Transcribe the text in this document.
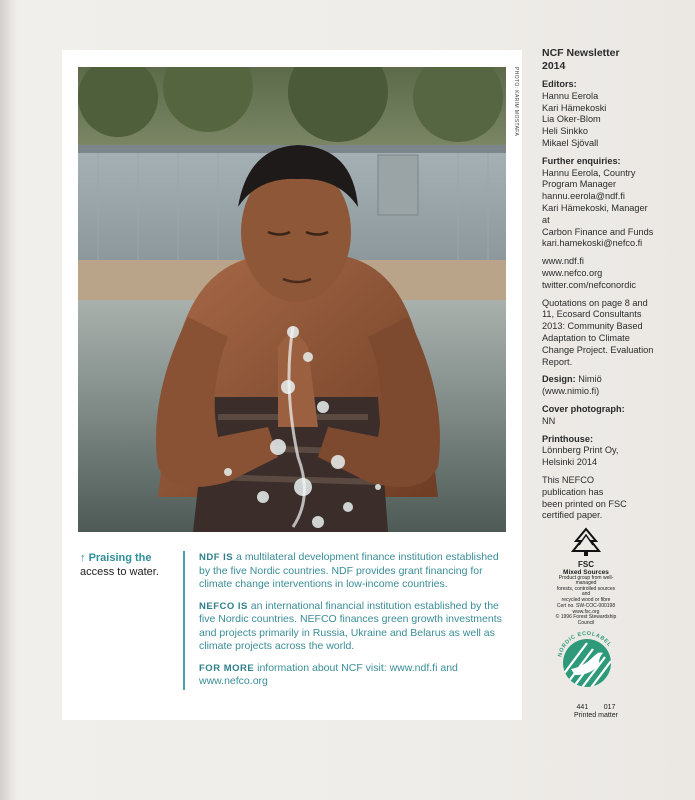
PHOTO: KARIM MOSTAFA
↑ Praising the
access to water.

NDF IS a multilateral development finance institution established by the five Nordic countries. NDF provides grant financing for climate change interventions in low-income countries.

NEFCO IS an international financial institution established by the five Nordic countries. NEFCO finances green growth investments and projects primarily in Russia, Ukraine and Belarus as well as climate projects across the world.

FOR MORE information about NCF visit: www.ndf.fi and www.nefco.org

NCF Newsletter
2014
Editors:
Hannu Eerola
Kari Hämekoski
Lia Oker-Blom
Heli Sinkko
Mikael Sjövall
Further enquiries:
Hannu Eerola, Country
Program Manager
hannu.eerola@ndf.fi
Kari Hämekoski, Manager at
Carbon Finance and Funds
kari.hamekoski@nefco.fi
www.ndf.fi
www.nefco.org
twitter.com/nefconordic
Quotations on page 8 and
11, Ecosard Consultants
2013: Community Based
Adaptation to Climate
Change Project. Evaluation
Report.
Design: Nimiö
(www.nimio.fi)
Cover photograph:
NN
Printhouse:
Lönnberg Print Oy,
Helsinki 2014
This NEFCO
publication has
been printed on FSC
certified paper.
FSC
Mixed Sources
Product group from well-managed
forests, controlled sources and
recycled wood or fibre
Cert no. SW-COC-000198
www.fsc.org
© 1996 Forest Stewardship Council
NORDIC ECOLABEL
441        017
Printed matter
